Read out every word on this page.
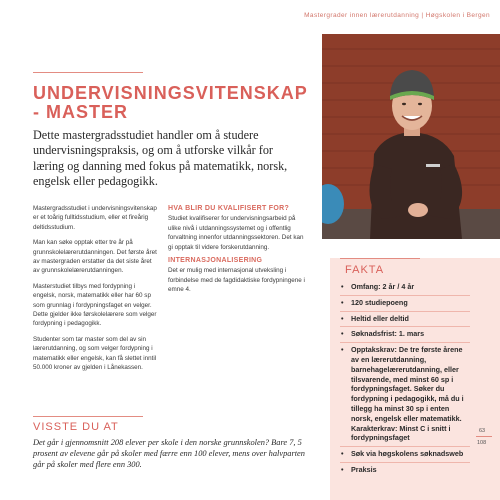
Mastergrader innen lærerutdanning | Høgskolen i Bergen
UNDERVISNINGSVITENSKAP
- MASTER

Dette mastergradsstudiet handler om å studere undervisningspraksis, og om å utforske vilkår for læring og danning med fokus på matematikk, norsk, engelsk eller pedagogikk.

Mastergradsstudiet i undervisningsvitenskap er et toårig fulltidsstudium, eller et fireårig deltidsstudium.

Man kan søke opptak etter tre år på grunnskolelærerutdanningen. Det første året av mastergraden erstatter da det siste året av grunnskolelærerutdanningen.

Masterstudiet tilbys med fordypning i engelsk, norsk, matematikk eller har 60 sp som grunnlag i fordypningsfaget en velger. Dette gjelder ikke førskolelærere som velger fordypning i pedagogikk.

Studenter som tar master som del av sin lærerutdanning, og som velger fordypning i matematikk eller engelsk, kan få slettet inntil 50.000 kroner av gjelden i Lånekassen.

HVA BLIR DU KVALIFISERT FOR?

Studiet kvalifiserer for undervisningsarbeid på ulike nivå i utdanningssystemet og i offentlig forvaltning innenfor utdanningssektoren. Det kan gi opptak til videre forskerutdanning.

INTERNASJONALISERING

Det er mulig med internasjonal utveksling i forbindelse med de fagdidaktiske fordypningene i emne 4.

VISSTE DU AT

Det går i gjennomsnitt 208 elever per skole i den norske grunnskolen? Bare 7, 5 prosent av elevene går på skoler med færre enn 100 elever, mens over halvparten går på skoler med flere enn 300.

FAKTA
• Omfang: 2 år / 4 år
• 120 studiepoeng
• Heltid eller deltid
• Søknadsfrist: 1. mars
• Opptakskrav: De tre første årene av en lærerutdanning, barnehagelærerutdanning, eller tilsvarende, med minst 60 sp i fordypningsfaget. Søker du fordypning i pedagogikk, må du i tillegg ha minst 30 sp i enten norsk, engelsk eller matematikk. Karakterkrav: Minst C i snitt i fordypningsfaget
• Søk via høgskolens søknadsweb
• Praksis
63
108
